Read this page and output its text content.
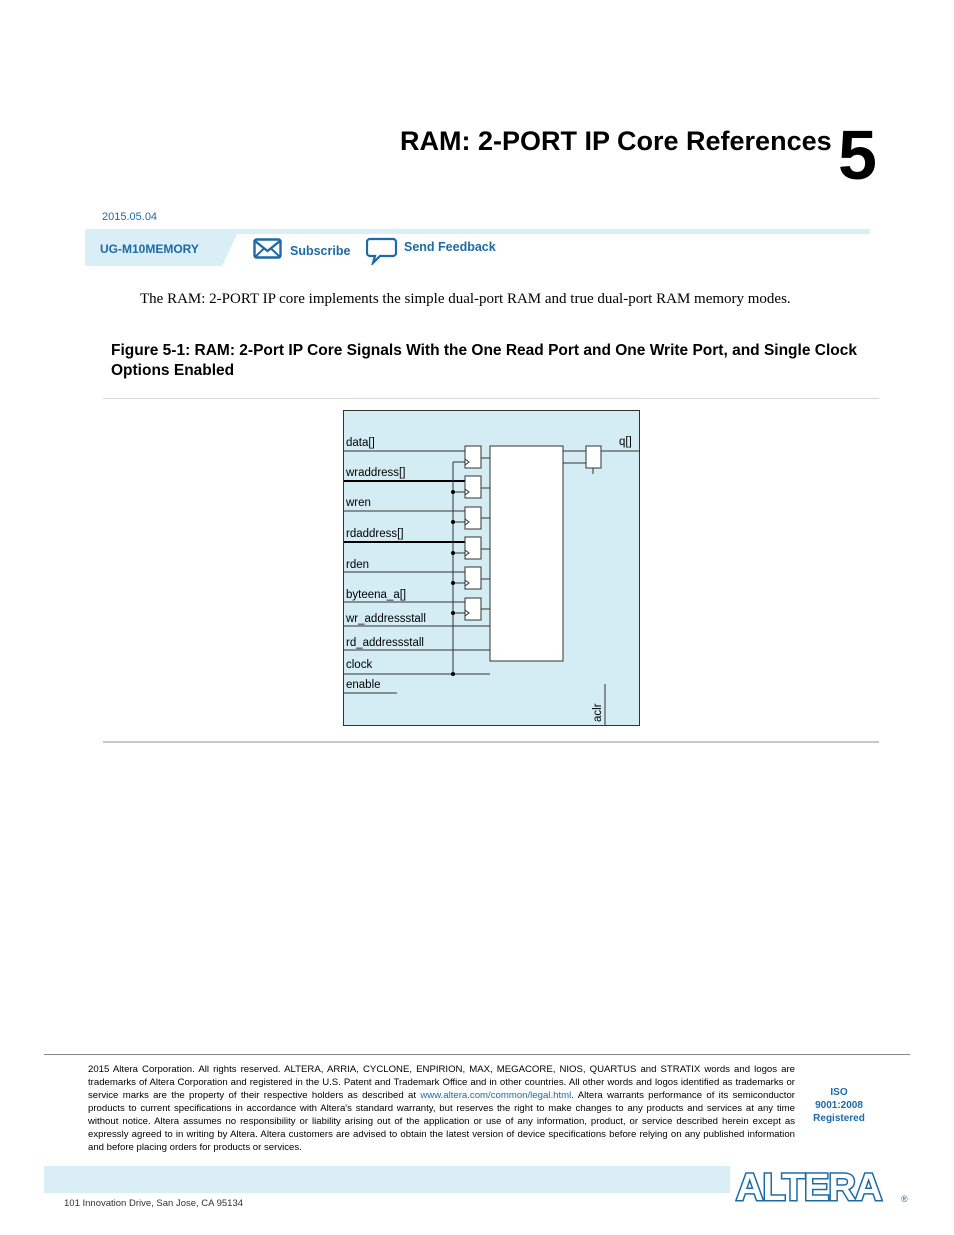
RAM: 2-PORT IP Core References 5
2015.05.04
UG-M10MEMORY	Subscribe	Send Feedback
The RAM: 2-PORT IP core implements the simple dual-port RAM and true dual-port RAM memory modes.
Figure 5-1: RAM: 2-Port IP Core Signals With the One Read Port and One Write Port, and Single Clock Options Enabled
data[]
wraddress[]
wren
rdaddress[]
rden
byteena_a[]
wr_addressstall
rd_addressstall
clock
enable
q[]
aclr
2015 Altera Corporation. All rights reserved. ALTERA, ARRIA, CYCLONE, ENPIRION, MAX, MEGACORE, NIOS, QUARTUS and STRATIX words and logos are trademarks of Altera Corporation and registered in the U.S. Patent and Trademark Office and in other countries. All other words and logos identified as trademarks or service marks are the property of their respective holders as described at www.altera.com/common/legal.html. Altera warrants performance of its semiconductor products to current specifications in accordance with Altera's standard warranty, but reserves the right to make changes to any products and services at any time without notice. Altera assumes no responsibility or liability arising out of the application or use of any information, product, or service described herein except as expressly agreed to in writing by Altera. Altera customers are advised to obtain the latest version of device specifications before relying on any published information and before placing orders for products or services.
ISO
9001:2008
Registered
ALTERA ®
101 Innovation Drive, San Jose, CA 95134
